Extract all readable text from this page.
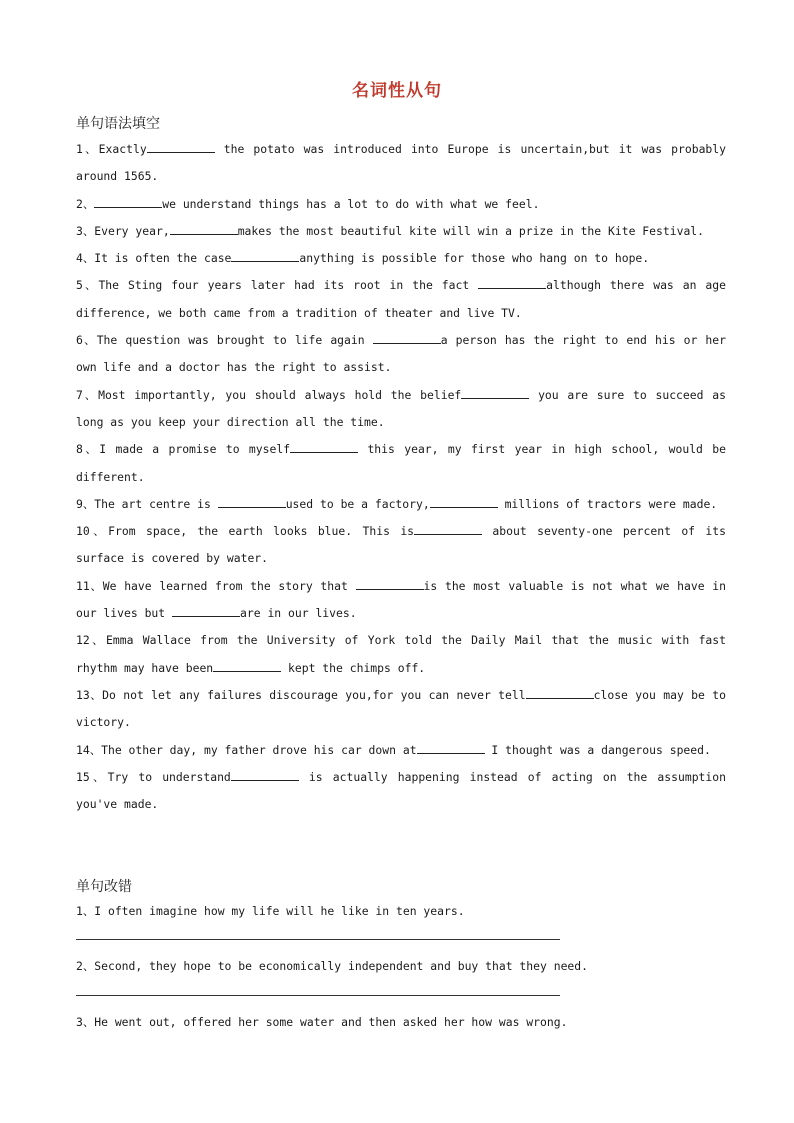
名词性从句
单句语法填空
1、Exactly	the potato was introduced into Europe is uncertain,but it was probably around 1565.
2、	we understand things has a lot to do with what we feel.
3、Every year,	makes the most beautiful kite will win a prize in the Kite Festival.
4、It is often the case	anything is possible for those who hang on to hope.
5、The Sting four years later had its root in the fact	although there was an age difference, we both came from a tradition of theater and live TV.
6、The question was brought to life again	a person has the right to end his or her own life and a doctor has the right to assist.
7、Most importantly, you should always hold the belief	you are sure to succeed as long as you keep your direction all the time.
8、I made a promise to myself	this year, my first year in high school, would be different.
9、The art centre is	used to be a factory,	millions of tractors were made.
10、From space, the earth looks blue. This is	about seventy-one percent of its surface is covered by water.
11、We have learned from the story that	is the most valuable is not what we have in our lives but	are in our lives.
12、Emma Wallace from the University of York told the Daily Mail that the music with fast rhythm may have been	kept the chimps off.
13、Do not let any failures discourage you,for you can never tell	close you may be to victory.
14、The other day, my father drove his car down at	I thought was a dangerous speed.
15、Try to understand	is actually happening instead of acting on the assumption you've made.
单句改错
1、I often imagine how my life will he like in ten years.
2、Second, they hope to be economically independent and buy that they need.
3、He went out, offered her some water and then asked her how was wrong.
